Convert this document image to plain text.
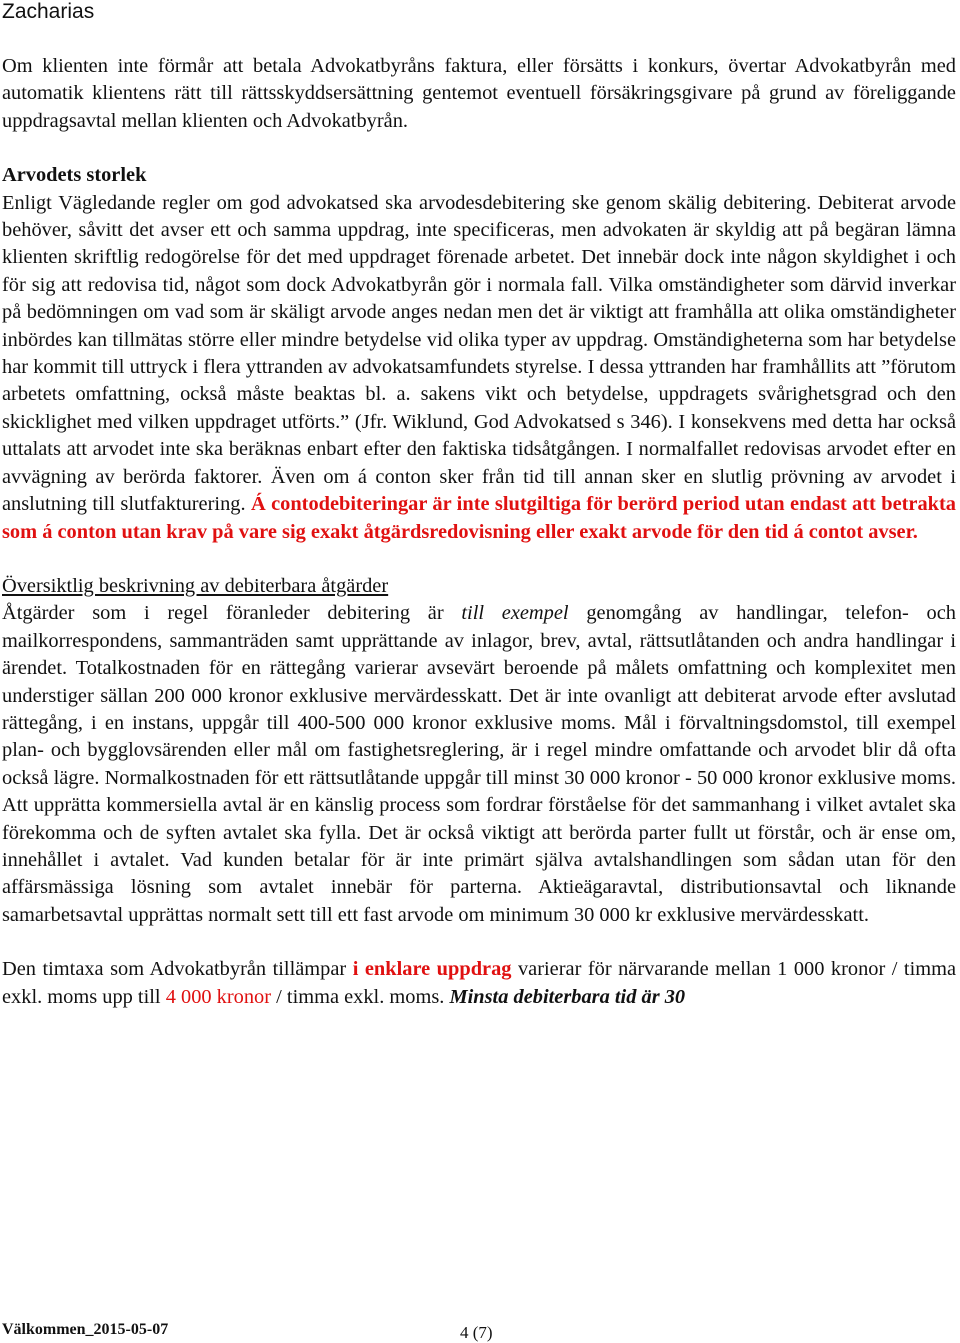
Zacharias

Om klienten inte förmår att betala Advokatbyråns faktura, eller försätts i konkurs, övertar Advokatbyrån med automatik klientens rätt till rättsskyddsersättning gentemot eventuell försäkringsgivare på grund av föreliggande uppdragsavtal mellan klienten och Advokatbyrån.

Arvodets storlek

Enligt Vägledande regler om god advokatsed ska arvodesdebitering ske genom skälig debitering. Debiterat arvode behöver, såvitt det avser ett och samma uppdrag, inte specificeras, men advokaten är skyldig att på begäran lämna klienten skriftlig redogörelse för det med uppdraget förenade arbetet. Det innebär dock inte någon skyldighet i och för sig att redovisa tid, något som dock Advokatbyrån gör i normala fall. Vilka omständigheter som därvid inverkar på bedömningen om vad som är skäligt arvode anges nedan men det är viktigt att framhålla att olika omständigheter inbördes kan tillmätas större eller mindre betydelse vid olika typer av uppdrag. Omständigheterna som har betydelse har kommit till uttryck i flera yttranden av advokatsamfundets styrelse. I dessa yttranden har framhållits att ”förutom arbetets omfattning, också måste beaktas bl. a. sakens vikt och betydelse, uppdragets svårighetsgrad och den skicklighet med vilken uppdraget utförts.” (Jfr. Wiklund, God Advokatsed s 346). I konsekvens med detta har också uttalats att arvodet inte ska beräknas enbart efter den faktiska tidsåtgången. I normalfallet redovisas arvodet efter en avvägning av berörda faktorer. Även om á conton sker från tid till annan sker en slutlig prövning av arvodet i anslutning till slutfakturering. Á contodebiteringar är inte slutgiltiga för berörd period utan endast att betrakta som á conton utan krav på vare sig exakt åtgärdsredovisning eller exakt arvode för den tid á contot avser.

Översiktlig beskrivning av debiterbara åtgärder

Åtgärder som i regel föranleder debitering är till exempel genomgång av handlingar, telefon- och mailkorrespondens, sammanträden samt upprättande av inlagor, brev, avtal, rättsutlåtanden och andra handlingar i ärendet. Totalkostnaden för en rättegång varierar avsevärt beroende på målets omfattning och komplexitet men understiger sällan 200 000 kronor exklusive mervärdesskatt. Det är inte ovanligt att debiterat arvode efter avslutad rättegång, i en instans, uppgår till 400-500 000 kronor exklusive moms. Mål i förvaltningsdomstol, till exempel plan- och bygglovsärenden eller mål om fastighetsreglering, är i regel mindre omfattande och arvodet blir då ofta också lägre. Normalkostnaden för ett rättsutlåtande uppgår till minst 30 000 kronor - 50 000 kronor exklusive moms. Att upprätta kommersiella avtal är en känslig process som fordrar förståelse för det sammanhang i vilket avtalet ska förekomma och de syften avtalet ska fylla. Det är också viktigt att berörda parter fullt ut förstår, och är ense om, innehållet i avtalet. Vad kunden betalar för är inte primärt själva avtalshandlingen som sådan utan för den affärsmässiga lösning som avtalet innebär för parterna. Aktieägaravtal, distributionsavtal och liknande samarbetsavtal upprättas normalt sett till ett fast arvode om minimum 30 000 kr exklusive mervärdesskatt.

Den timtaxa som Advokatbyrån tillämpar i enklare uppdrag varierar för närvarande mellan 1 000 kronor / timma exkl. moms upp till 4 000 kronor / timma exkl. moms. Minsta debiterbara tid är 30

Välkommen_2015-05-07	4 (7)
